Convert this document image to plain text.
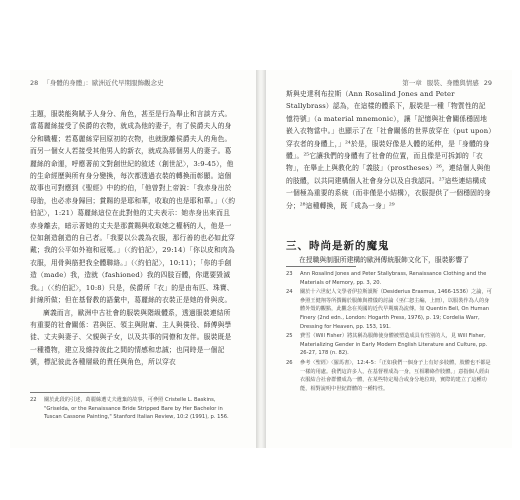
28 「身體的身體」：歐洲近代早期服飾觀念史

主題，服裝能夠賦予人身分、角色，甚至是行為舉止和言談方式。當葛麗絲接受了侯爵的衣物，就成為他的妻子，有了侯爵夫人的身分和職權；若葛麗絲穿回原初的衣物，也就脫離侯爵夫人的角色。而另一個女人若接受其他男人的新衣，就成為那個男人的妻子。葛麗絲的命運，呼應著前文對創世紀的敘述（創世記〉，3:9-45），他的生命經歷與所有身分變換，每次都透過衣裝的轉換而彰顯。這個故事也可對應到《聖經》中的約伯，「他曾對上帝說：「我赤身出於母胎，也必赤身歸回；賞賜的是耶和華，收取的也是耶和華。」（〈約伯記〉，1:21）葛麗絲這位在此對他的丈夫表示：她赤身出來而且赤身離去，暗示著她的丈夫是那賞賜與收取她之權柄的人，他是一位如創造創造的自己者。「我要以公義為衣服，那行善的也必如此穿戴；我的公平如外袍和冠冕。」（〈約伯記〉，29:14）「你以皮和肉為衣服，用骨與筋把我全體聯絡。」（〈約伯記〉，10:11）；「你的手創造（made）我，造就（fashioned）我的四肢百體，你還要毀滅我。」（〈約伯記〉，10:8）只是，侯爵所「衣」的是由布匹、珠寶、針線所做；但在基督教的語彙中，葛麗絲的衣裝正是她的骨與皮。

廣義而言，歐洲中古社會的服裝與階級體系，透過服裝連結所有重要的社會關係：君與臣、領主與附庸、主人與僕役、師傅與學徒、丈夫與妻子、父親與子女，以及共事的同僚和友伴。服裝既是一種禮物，建立及維持彼此之間的情感和忠誠；也同時是一個記號，標記彼此各種層級的責任與角色，所以穿衣

22	關於此段的引述，葛麗絲遭丈夫遺棄的故事，可參照 Cristelle L. Baskins, "Griselda, or the Renaissance Bride Stripped Bare by Her Bachelor in Tuscan Cassone Painting," Stanford Italian Review, 10:2 (1991), p. 156.
第一章 服裝、身體與情感 29

斯與史達利布拉斯（Ann Rosalind Jones and Peter Stallybrass）認為，在這樣的體系下，服裝是一種「物質性的記憶符號」（a material mnemonic），讓「記憶與社會關係穩固地嵌入衣物當中。」也顯示了在「社會關係的世界放穿在（put upon）穿衣者的身體上，」²⁴於是，服裝好像是人體的延伸，是「身體的身體」。²⁵它讓我們的身體有了社會的位置，而且像是可拆卸的「衣物」，在舉止上與教化的「義肢」（prostheses）²⁶，連結個人與他的肢體，以共同建構個人社會身分以及自我認同。²⁷這些連結構成一個極為重要的系統（而非僅是小結構），衣服提供了一個穩固的身分；²⁸這種轉換，既「成為一身」²⁹

三、時尚是新的魔鬼
在授職與制服所建構的歐洲傳統服飾文化下，服裝影響了
23	Ann Rosalind Jones and Peter Stallybrass, Renaissance Clothing and the Materials of Memory, pp. 3, 20.
24	關於十六世紀人文學者伊拉斯謨斯（Desiderius Erasmus, 1466-1536）之論，可參照王健翔等所撰關於服飾與禮儀的討論（巫仁恕主編，上冊），以服裝作為人的身體外殼的觀點，此觀念在英國的近代早期廣為流傳。如 Quentin Bell, On Human Finery (2nd edn., London: Hogarth Press, 1976), p. 19; Cordelia Warr, Dressing for Heaven, pp. 153, 191.
25	費雪（Will Fisher）將其稱為服飾使身體被塑造成具有性別的人，見 Will Fisher, Materializing Gender in Early Modern English Literature and Culture, pp. 26-27, 178 (n. 82).
26	參考〈聖經〉〈羅馬書〉，12:4-5：「正如我們一個身子上有好多肢體，肢體也不都是一樣的用處。我們這許多人，在基督裡成為一身，互相聯絡作肢體。」意指個人經由衣服結合社會群體成為一體，在某些特定場合或身分地位時，實際的建立了這種功能，相對說明中世紀群體的一種特性。
